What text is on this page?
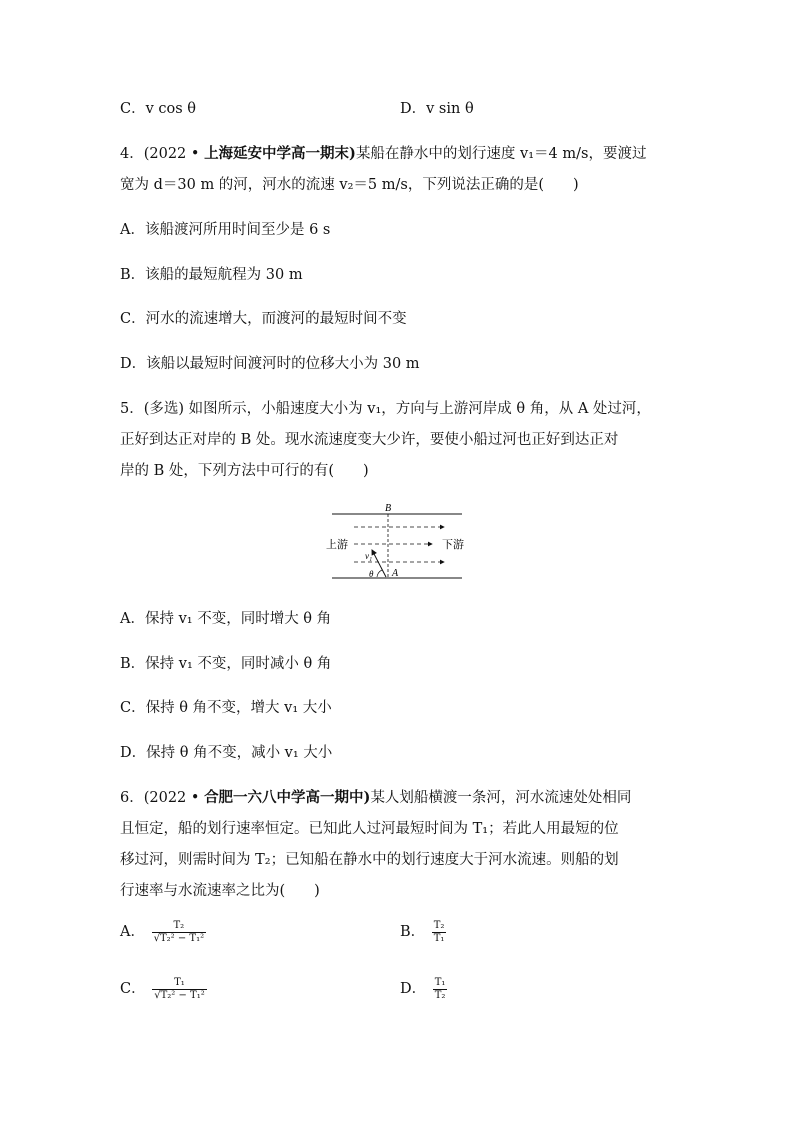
C．v cos θ	D．v sin θ
4．(2022 • 上海延安中学高一期末)某船在静水中的划行速度 v₁＝4 m/s，要渡过
宽为 d＝30 m 的河，河水的流速 v₂＝5 m/s，下列说法正确的是(　　)
A．该船渡河所用时间至少是 6 s
B．该船的最短航程为 30 m
C．河水的流速增大，而渡河的最短时间不变
D．该船以最短时间渡河时的位移大小为 30 m
5．(多选) 如图所示，小船速度大小为 v₁，方向与上游河岸成 θ 角，从 A 处过河，
正好到达正对岸的 B 处。现水流速度变大少许，要使小船过河也正好到达正对
岸的 B 处，下列方法中可行的有(　　)
B
A
上游	下游
v₁
θ
A．保持 v₁ 不变，同时增大 θ 角
B．保持 v₁ 不变，同时减小 θ 角
C．保持 θ 角不变，增大 v₁ 大小
D．保持 θ 角不变，减小 v₁ 大小
6．(2022 • 合肥一六八中学高一期中)某人划船横渡一条河，河水流速处处相同
且恒定，船的划行速率恒定。已知此人过河最短时间为 T₁；若此人用最短的位
移过河，则需时间为 T₂；已知船在静水中的划行速度大于河水流速。则船的划
行速率与水流速率之比为(　　)
A． $\frac{\text{T₂}}{\text{√T₂² − T₁²}}$	B． $\frac{\text{T₂}}{\text{T₁}}$
C． $\frac{\text{T₁}}{\text{√T₂² − T₁²}}$	D． $\frac{\text{T₁}}{\text{T₂}}$
